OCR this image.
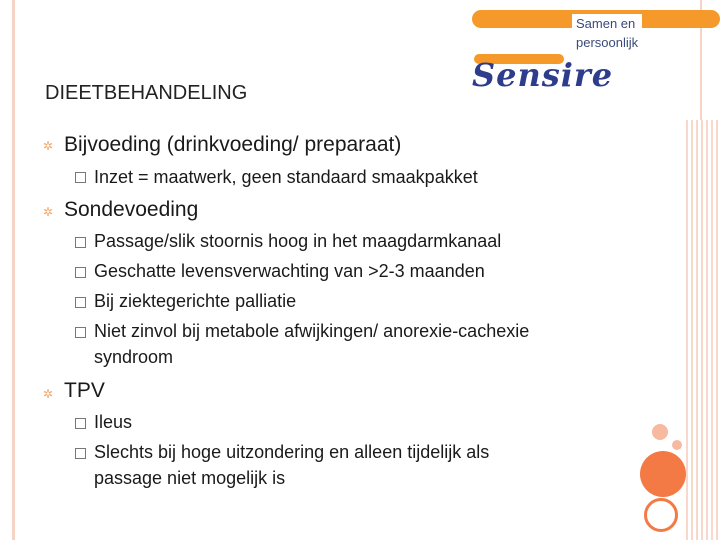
Samen en
persoonlijk
Sensire
DIEETBEHANDELING
✲ Bijvoeding (drinkvoeding/ preparaat)
Inzet = maatwerk, geen standaard smaakpakket
✲ Sondevoeding
Passage/slik stoornis hoog in het maagdarmkanaal
Geschatte levensverwachting van >2-3 maanden
Bij ziektegerichte palliatie
Niet zinvol bij metabole afwijkingen/ anorexie-cachexie
syndroom
✲ TPV
Ileus
Slechts bij hoge uitzondering en alleen tijdelijk als
passage niet mogelijk is
